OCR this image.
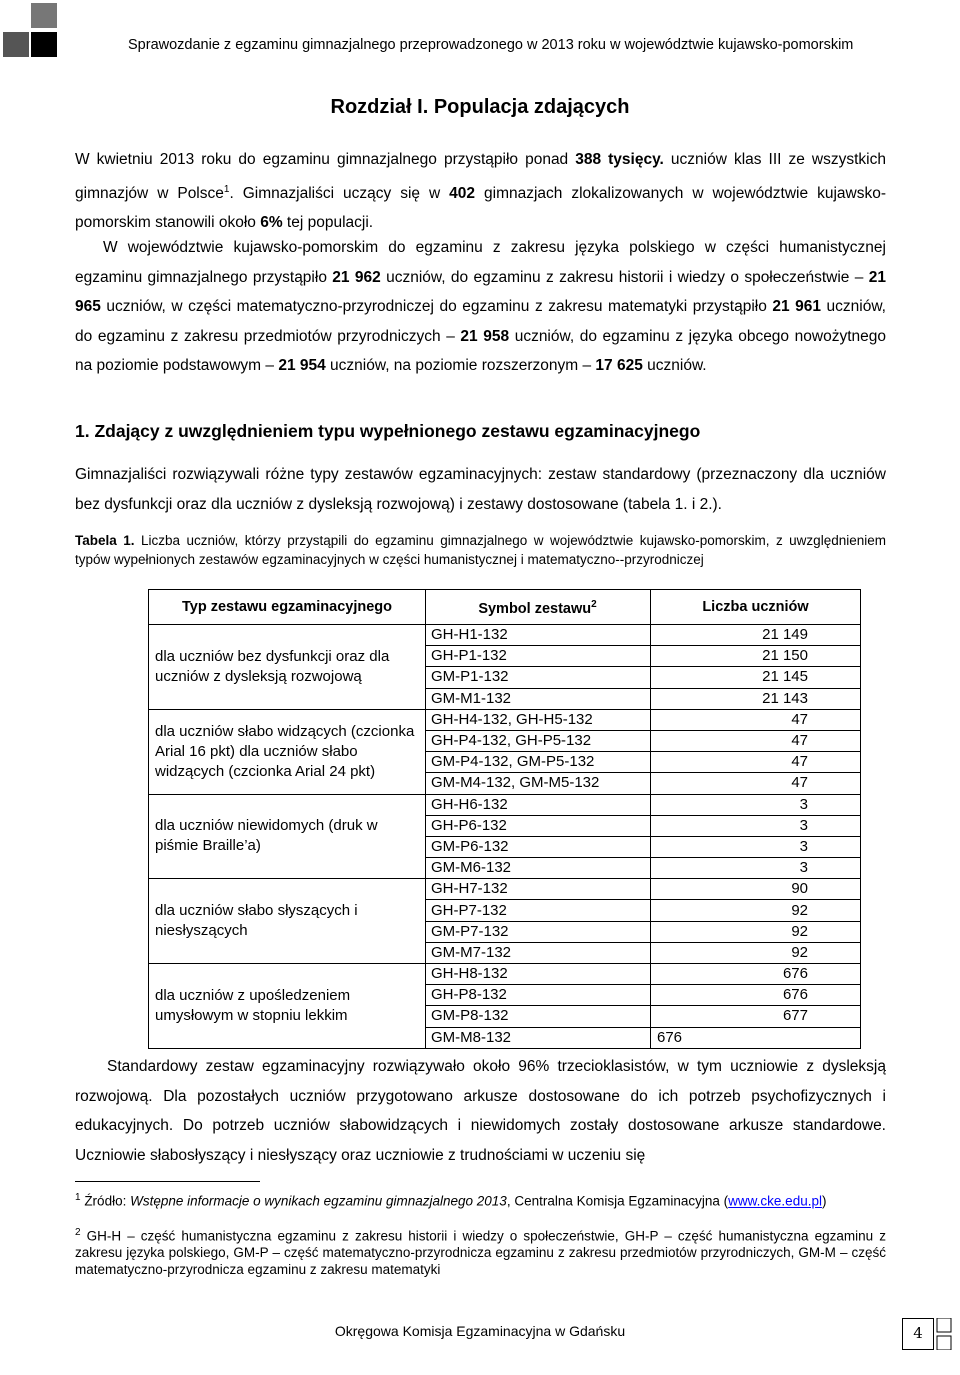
Sprawozdanie z egzaminu gimnazjalnego przeprowadzonego w 2013 roku w województwie kujawsko-pomorskim
Rozdział I. Populacja zdających
W kwietniu 2013 roku do egzaminu gimnazjalnego przystąpiło ponad 388 tysięcy. uczniów klas III ze wszystkich gimnazjów w Polsce$^1$. Gimnazjaliści uczący się w 402 gimnazjach zlokalizowanych w województwie kujawsko-pomorskim stanowili około 6% tej populacji.
W województwie kujawsko-pomorskim do egzaminu z zakresu języka polskiego w części humanistycznej egzaminu gimnazjalnego przystąpiło 21 962 uczniów, do egzaminu z zakresu historii i wiedzy o społeczeństwie – 21 965 uczniów, w części matematyczno-przyrodniczej do egzaminu z zakresu matematyki przystąpiło 21 961 uczniów, do egzaminu z zakresu przedmiotów przyrodniczych – 21 958 uczniów, do egzaminu z języka obcego nowożytnego na poziomie podstawowym – 21 954 uczniów, na poziomie rozszerzonym – 17 625 uczniów.
1. Zdający z uwzględnieniem typu wypełnionego zestawu egzaminacyjnego
Gimnazjaliści rozwiązywali różne typy zestawów egzaminacyjnych: zestaw standardowy (przeznaczony dla uczniów bez dysfunkcji oraz dla uczniów z dysleksją rozwojową) i zestawy dostosowane (tabela 1. i 2.).
Tabela 1. Liczba uczniów, którzy przystąpili do egzaminu gimnazjalnego w województwie kujawsko-pomorskim, z uwzględnieniem typów wypełnionych zestawów egzaminacyjnych w części humanistycznej i matematyczno--przyrodniczej
Typ zestawu egzaminacyjnego	Symbol zestawu$^2$	Liczba uczniów
dla uczniów bez dysfunkcji oraz dla uczniów z dysleksją rozwojową	GH-H1-132	21 149
	GH-P1-132	21 150
	GM-P1-132	21 145
	GM-M1-132	21 143
dla uczniów słabo widzących (czcionka Arial 16 pkt) dla uczniów słabo widzących (czcionka Arial 24 pkt)	GH-H4-132, GH-H5-132	47
	GH-P4-132, GH-P5-132	47
	GM-P4-132, GM-P5-132	47
	GM-M4-132, GM-M5-132	47
dla uczniów niewidomych (druk w piśmie Braille’a)	GH-H6-132	3
	GH-P6-132	3
	GM-P6-132	3
	GM-M6-132	3
dla uczniów słabo słyszących i niesłyszących	GH-H7-132	90
	GH-P7-132	92
	GM-P7-132	92
	GM-M7-132	92
dla uczniów z upośledzeniem umysłowym w stopniu lekkim	GH-H8-132	676
	GH-P8-132	676
	GM-P8-132	677
	GM-M8-132	676
Standardowy zestaw egzaminacyjny rozwiązywało około 96% trzecioklasistów, w tym uczniowie z dysleksją rozwojową. Dla pozostałych uczniów przygotowano arkusze dostosowane do ich potrzeb psychofizycznych i edukacyjnych. Do potrzeb uczniów słabowidzących i niewidomych zostały dostosowane arkusze standardowe. Uczniowie słabosłyszący i niesłyszący oraz uczniowie z trudnościami w uczeniu się
$^1$ Źródło: Wstępne informacje o wynikach egzaminu gimnazjalnego 2013, Centralna Komisja Egzaminacyjna (www.cke.edu.pl)
$^2$ GH-H – część humanistyczna egzaminu z zakresu historii i wiedzy o społeczeństwie, GH-P – część humanistyczna egzaminu z zakresu języka polskiego, GM-P – część matematyczno-przyrodnicza egzaminu z zakresu przedmiotów przyrodniczych, GM-M – część matematyczno-przyrodnicza egzaminu z zakresu matematyki
Okręgowa Komisja Egzaminacyjna w Gdańsku	4
